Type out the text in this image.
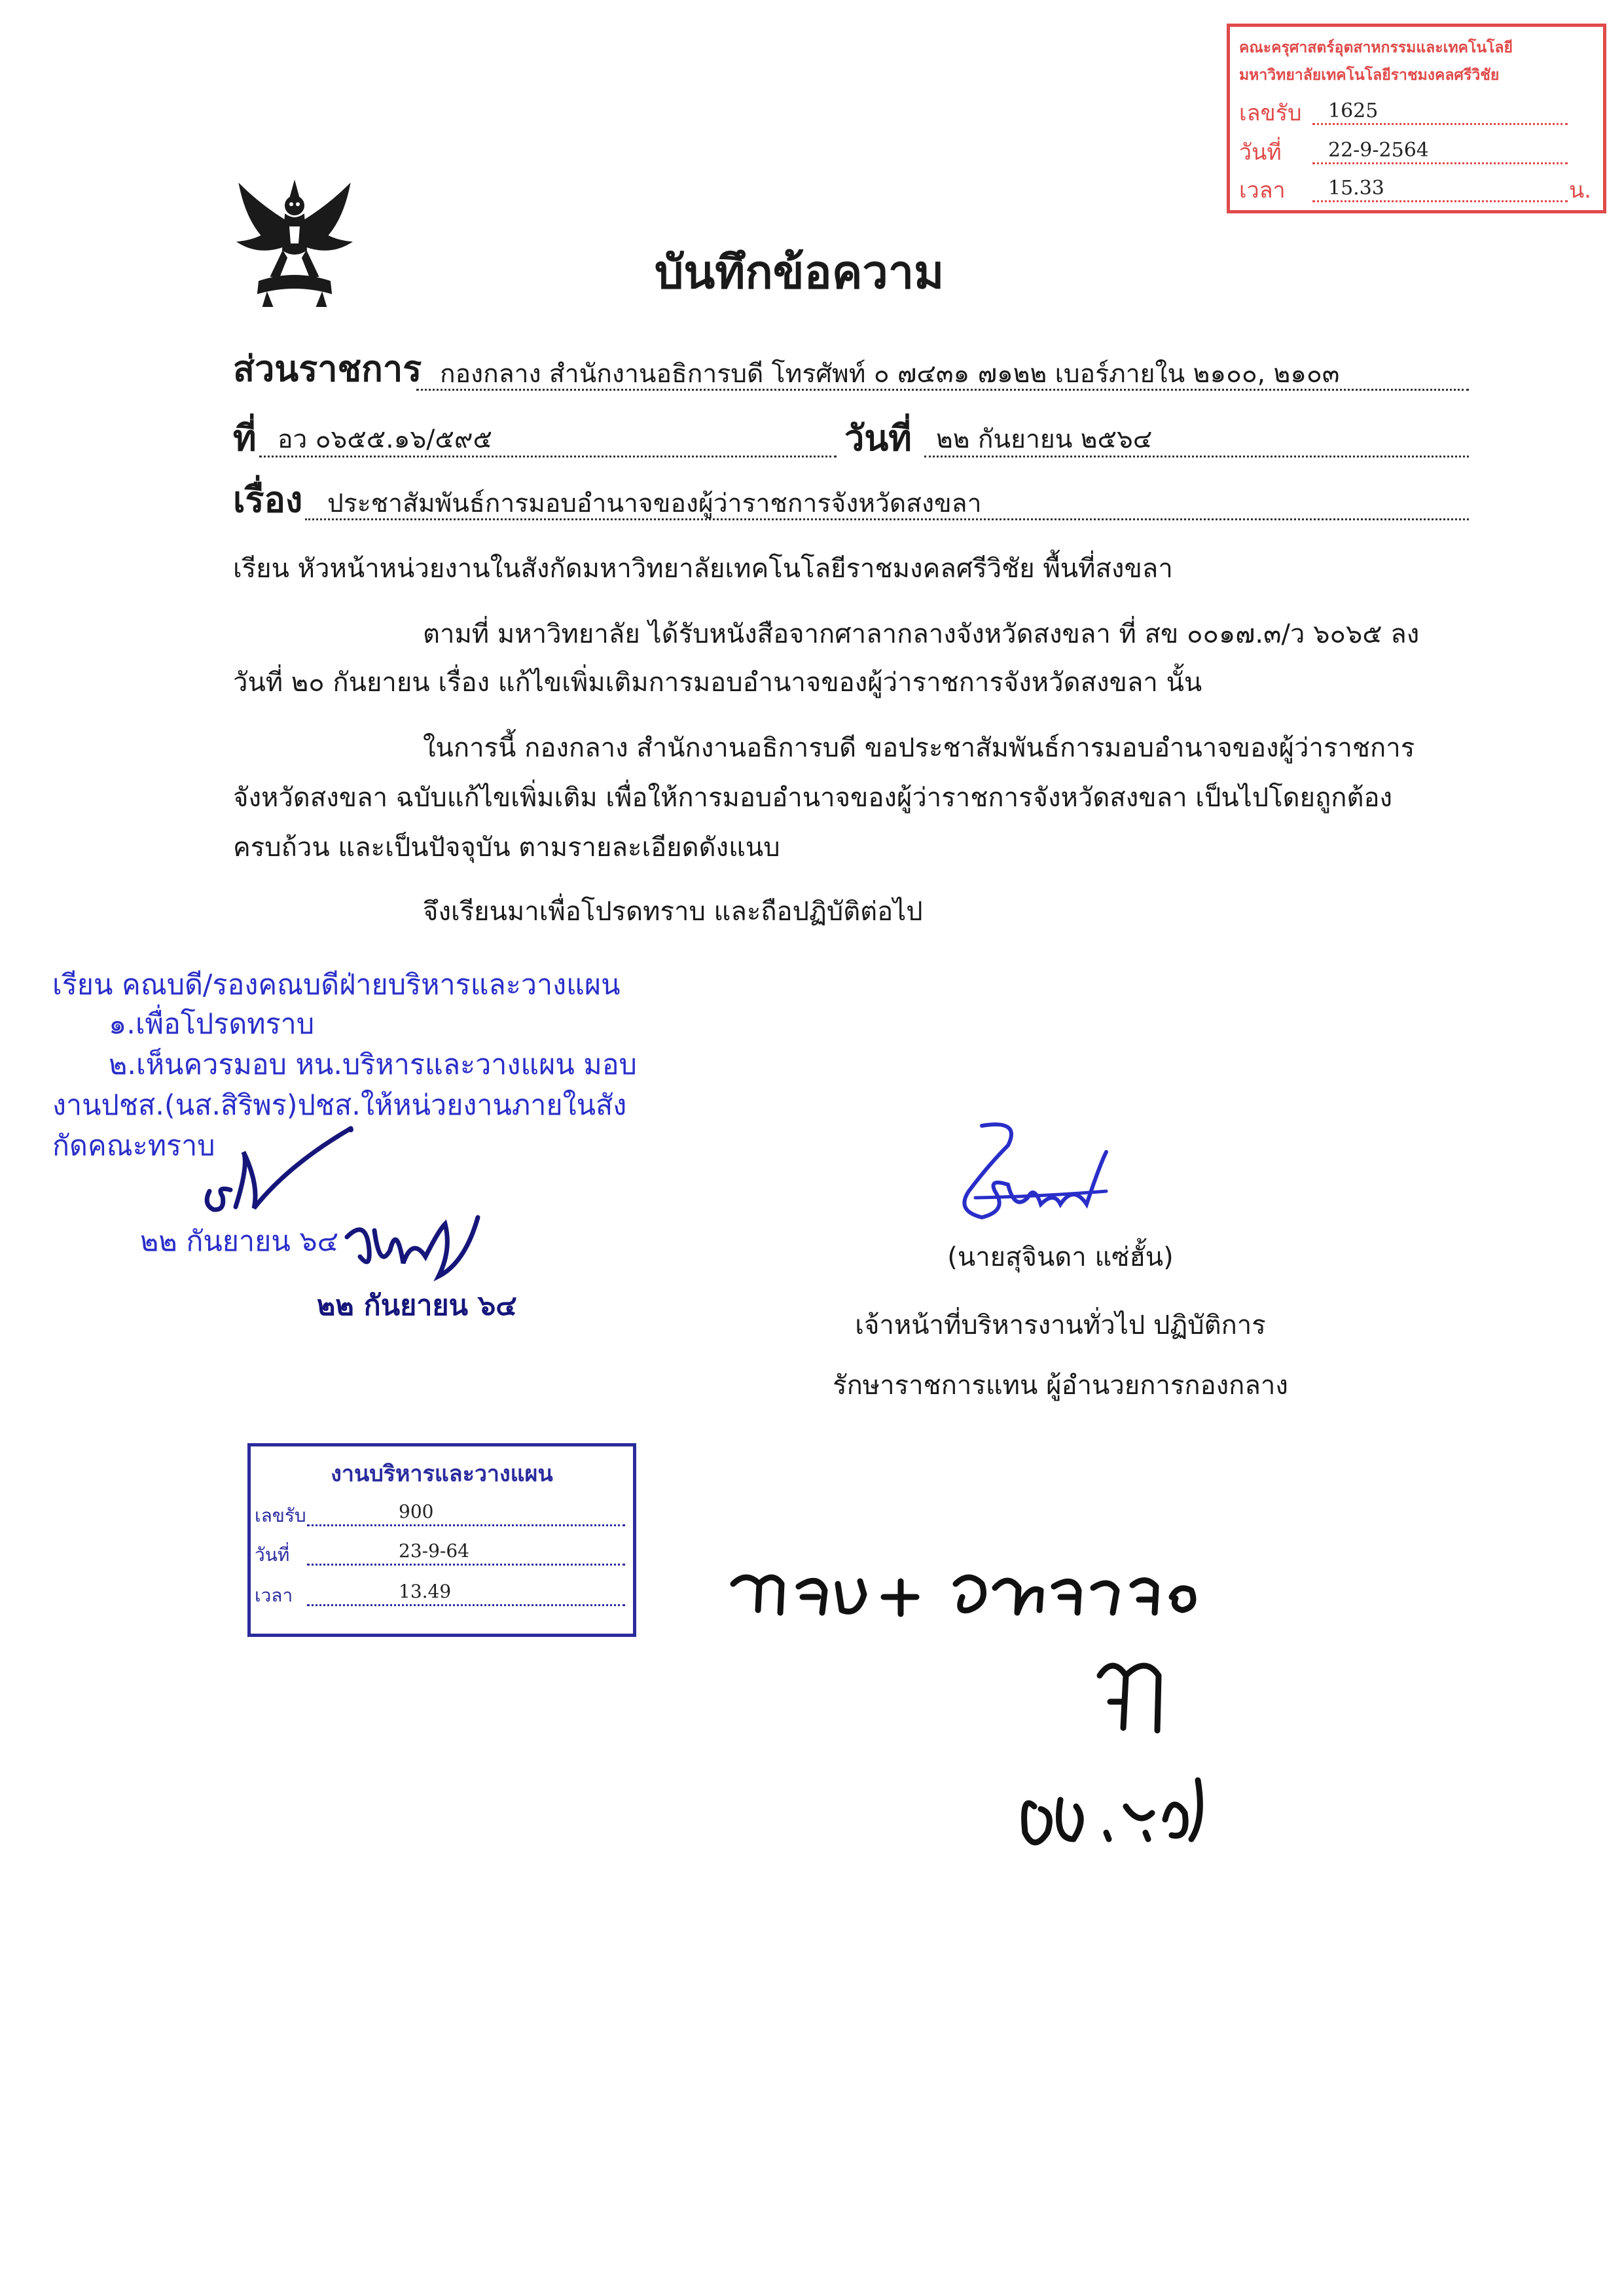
คณะครุศาสตร์อุตสาหกรรมและเทคโนโลยี
มหาวิทยาลัยเทคโนโลยีราชมงคลศรีวิชัย
เลขรับ 1625
วันที่ 22-9-2564
เวลา 15.33	น.
บันทึกข้อความ
ส่วนราชการ กองกลาง สำนักงานอธิการบดี โทรศัพท์ ๐ ๗๔๓๑ ๗๑๒๒ เบอร์ภายใน ๒๑๐๐, ๒๑๐๓
ที่ อว ๐๖๕๕.๑๖/๕๙๕	วันที่ ๒๒ กันยายน ๒๕๖๔
เรื่อง ประชาสัมพันธ์การมอบอำนาจของผู้ว่าราชการจังหวัดสงขลา
เรียน หัวหน้าหน่วยงานในสังกัดมหาวิทยาลัยเทคโนโลยีราชมงคลศรีวิชัย พื้นที่สงขลา
ตามที่ มหาวิทยาลัย ได้รับหนังสือจากศาลากลางจังหวัดสงขลา ที่ สข ๐๐๑๗.๓/ว ๖๐๖๕ ลง
วันที่ ๒๐ กันยายน เรื่อง แก้ไขเพิ่มเติมการมอบอำนาจของผู้ว่าราชการจังหวัดสงขลา นั้น
ในการนี้ กองกลาง สำนักงานอธิการบดี ขอประชาสัมพันธ์การมอบอำนาจของผู้ว่าราชการ
จังหวัดสงขลา ฉบับแก้ไขเพิ่มเติม เพื่อให้การมอบอำนาจของผู้ว่าราชการจังหวัดสงขลา เป็นไปโดยถูกต้อง
ครบถ้วน และเป็นปัจจุบัน ตามรายละเอียดดังแนบ
จึงเรียนมาเพื่อโปรดทราบ และถือปฏิบัติต่อไป
เรียน คณบดี/รองคณบดีฝ่ายบริหารและวางแผน
๑.เพื่อโปรดทราบ
๒.เห็นควรมอบ หน.บริหารและวางแผน มอบ
งานปชส.(นส.สิริพร)ปชส.ให้หน่วยงานภายในสัง
กัดคณะทราบ
๒๒ กันยายน ๖๔
๒๒ กันยายน ๖๔
(นายสุจินดา แซ่ฮั้น)
เจ้าหน้าที่บริหารงานทั่วไป ปฏิบัติการ
รักษาราชการแทน ผู้อำนวยการกองกลาง
งานบริหารและวางแผน
เลขรับ	900
วันที่	23-9-64
เวลา	13.49
